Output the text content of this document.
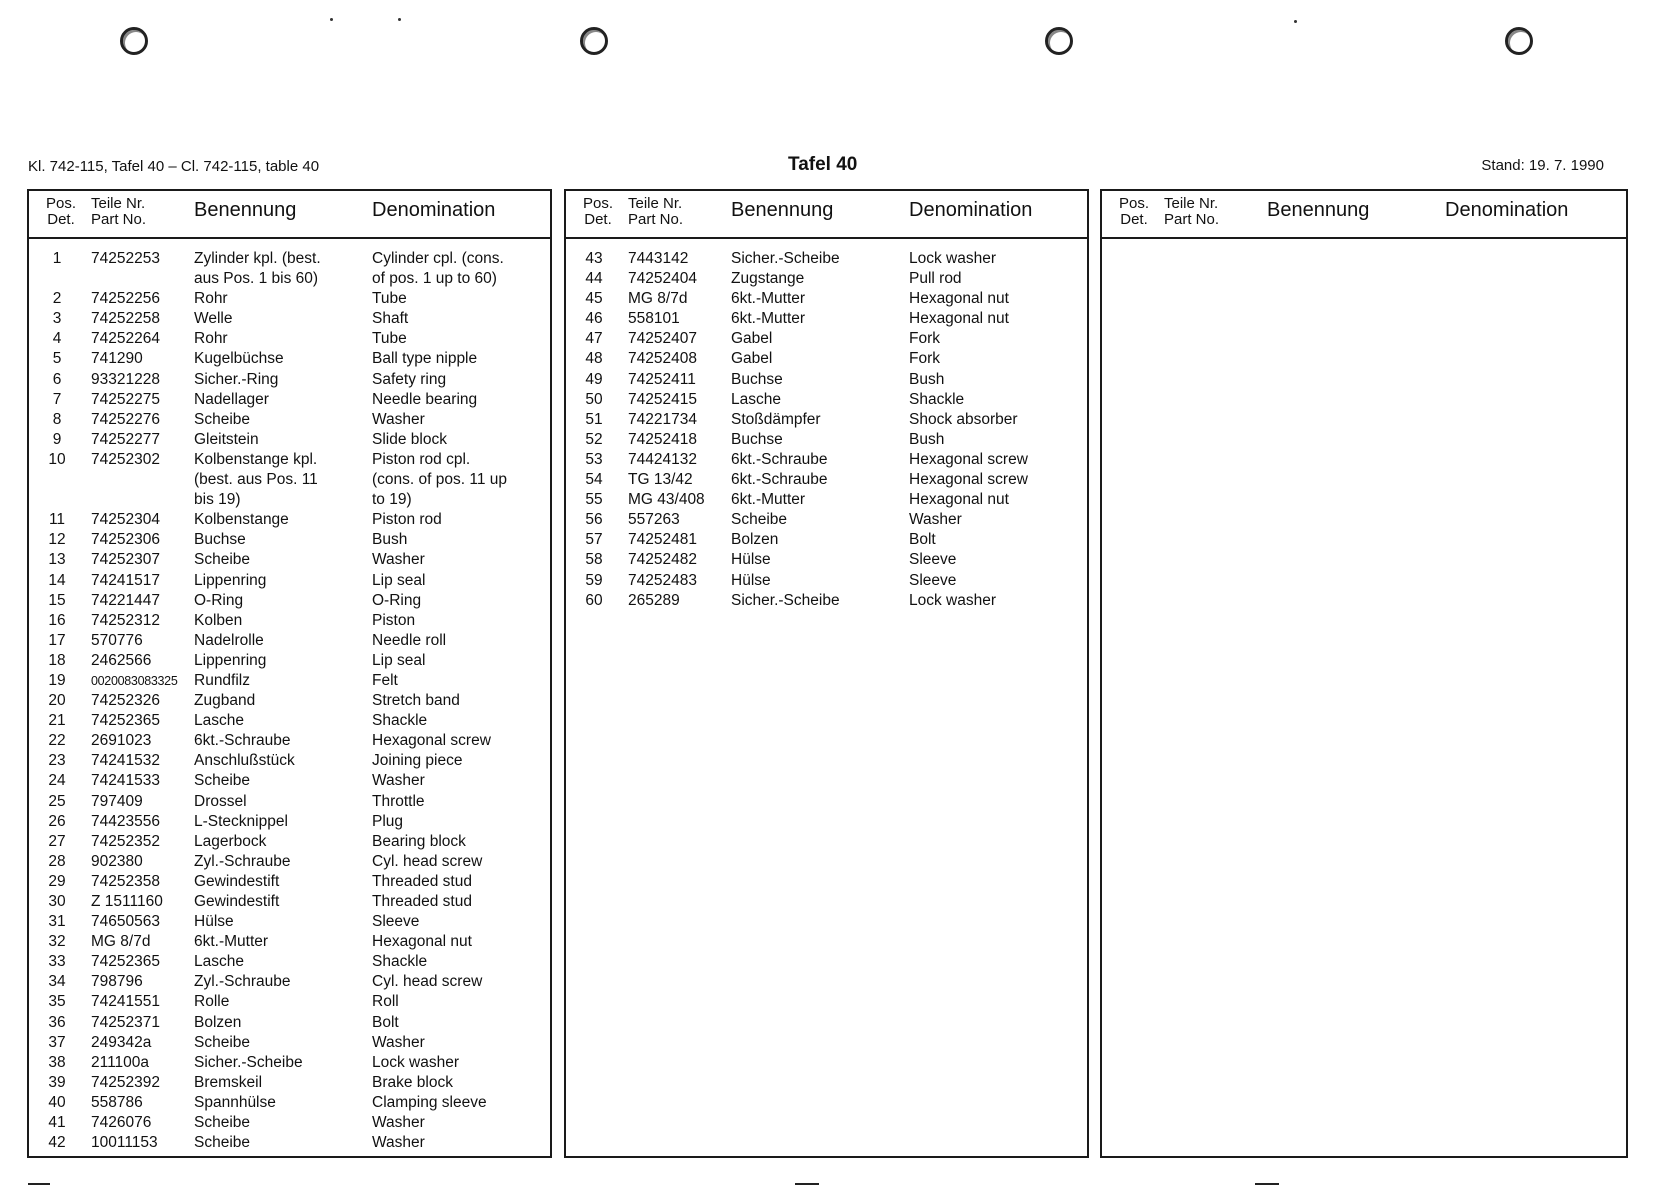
Kl. 742-115, Tafel 40 – Cl. 742-115, table 40	Tafel 40	Stand: 19. 7. 1990
Pos.
Det.
Teile Nr.
Part No. Benennung	Denomination
1	74252253 Zylinder kpl. (best.	Cylinder cpl. (cons.
aus Pos. 1 bis 60)	of pos. 1 up to 60)
2	74252256 Rohr	Tube
3	74252258 Welle	Shaft
4	74252264 Rohr	Tube
5	741290	Kugelbüchse	Ball type nipple
6	93321228 Sicher.-Ring	Safety ring
7	74252275 Nadellager	Needle bearing
8	74252276 Scheibe	Washer
9	74252277 Gleitstein	Slide block
10	74252302 Kolbenstange kpl.	Piston rod cpl.
(best. aus Pos. 11	(cons. of pos. 11 up
bis 19)	to 19)
11	74252304 Kolbenstange	Piston rod
12	74252306 Buchse	Bush
13	74252307 Scheibe	Washer
14	74241517 Lippenring	Lip seal
15	74221447 O-Ring	O-Ring
16	74252312 Kolben	Piston
17	570776	Nadelrolle	Needle roll
18	2462566	Lippenring	Lip seal
19	0020083083325 Rundfilz	Felt
20	74252326 Zugband	Stretch band
21	74252365 Lasche	Shackle
22	2691023	6kt.-Schraube	Hexagonal screw
23	74241532 Anschlußstück	Joining piece
24	74241533 Scheibe	Washer
25	797409	Drossel	Throttle
26	74423556 L-Stecknippel	Plug
27	74252352 Lagerbock	Bearing block
28	902380	Zyl.-Schraube	Cyl. head screw
29	74252358 Gewindestift	Threaded stud
30	Z 1511160 Gewindestift	Threaded stud
31	74650563 Hülse	Sleeve
32	MG 8/7d	6kt.-Mutter	Hexagonal nut
33	74252365 Lasche	Shackle
34	798796	Zyl.-Schraube	Cyl. head screw
35	74241551 Rolle	Roll
36	74252371 Bolzen	Bolt
37	249342a	Scheibe	Washer
38	211100a	Sicher.-Scheibe	Lock washer
39	74252392 Bremskeil	Brake block
40	558786	Spannhülse	Clamping sleeve
41	7426076	Scheibe	Washer
42	10011153 Scheibe	Washer
Pos.
Det.
Teile Nr.
Part No. Benennung	Denomination
43	7443142	Sicher.-Scheibe	Lock washer
44	74252404 Zugstange	Pull rod
45	MG 8/7d	6kt.-Mutter	Hexagonal nut
46	558101	6kt.-Mutter	Hexagonal nut
47	74252407 Gabel	Fork
48	74252408 Gabel	Fork
49	74252411 Buchse	Bush
50	74252415 Lasche	Shackle
51	74221734 Stoßdämpfer	Shock absorber
52	74252418 Buchse	Bush
53	74424132 6kt.-Schraube	Hexagonal screw
54	TG 13/42 6kt.-Schraube	Hexagonal screw
55	MG 43/408 6kt.-Mutter	Hexagonal nut
56	557263	Scheibe	Washer
57	74252481 Bolzen	Bolt
58	74252482 Hülse	Sleeve
59	74252483 Hülse	Sleeve
60	265289	Sicher.-Scheibe	Lock washer
Pos.
Det.
Teile Nr.
Part No. Benennung	Denomination
